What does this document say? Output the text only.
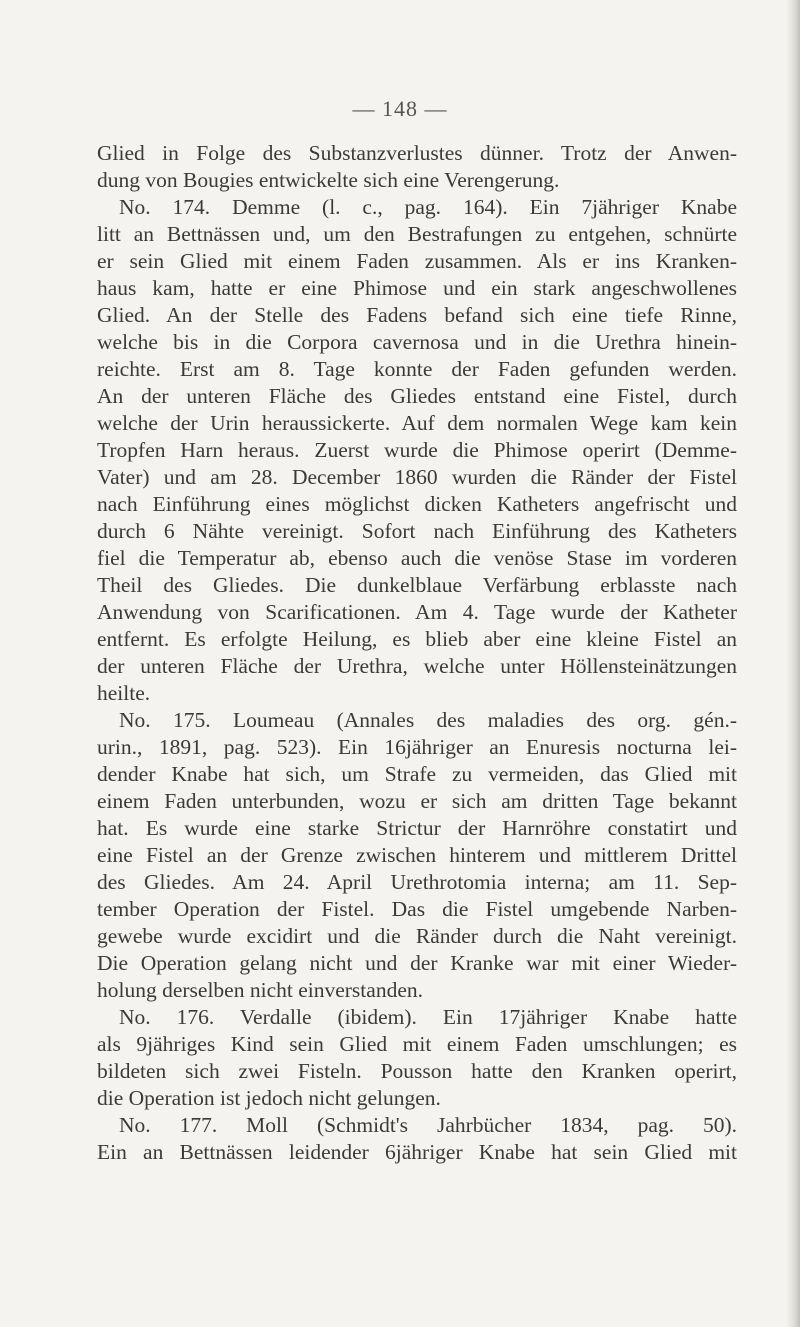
— 148 —
Glied in Folge des Substanzverlustes dünner. Trotz der Anwen-
dung von Bougies entwickelte sich eine Verengerung.
No. 174. Demme (l. c., pag. 164). Ein 7jähriger Knabe
litt an Bettnässen und, um den Bestrafungen zu entgehen, schnürte
er sein Glied mit einem Faden zusammen. Als er ins Kranken-
haus kam, hatte er eine Phimose und ein stark angeschwollenes
Glied. An der Stelle des Fadens befand sich eine tiefe Rinne,
welche bis in die Corpora cavernosa und in die Urethra hinein-
reichte. Erst am 8. Tage konnte der Faden gefunden werden.
An der unteren Fläche des Gliedes entstand eine Fistel, durch
welche der Urin heraussickerte. Auf dem normalen Wege kam kein
Tropfen Harn heraus. Zuerst wurde die Phimose operirt (Demme-
Vater) und am 28. December 1860 wurden die Ränder der Fistel
nach Einführung eines möglichst dicken Katheters angefrischt und
durch 6 Nähte vereinigt. Sofort nach Einführung des Katheters
fiel die Temperatur ab, ebenso auch die venöse Stase im vorderen
Theil des Gliedes. Die dunkelblaue Verfärbung erblasste nach
Anwendung von Scarificationen. Am 4. Tage wurde der Katheter
entfernt. Es erfolgte Heilung, es blieb aber eine kleine Fistel an
der unteren Fläche der Urethra, welche unter Höllensteinätzungen
heilte.
No. 175. Loumeau (Annales des maladies des org. gén.-
urin., 1891, pag. 523). Ein 16jähriger an Enuresis nocturna lei-
dender Knabe hat sich, um Strafe zu vermeiden, das Glied mit
einem Faden unterbunden, wozu er sich am dritten Tage bekannt
hat. Es wurde eine starke Strictur der Harnröhre constatirt und
eine Fistel an der Grenze zwischen hinterem und mittlerem Drittel
des Gliedes. Am 24. April Urethrotomia interna; am 11. Sep-
tember Operation der Fistel. Das die Fistel umgebende Narben-
gewebe wurde excidirt und die Ränder durch die Naht vereinigt.
Die Operation gelang nicht und der Kranke war mit einer Wieder-
holung derselben nicht einverstanden.
No. 176. Verdalle (ibidem). Ein 17jähriger Knabe hatte
als 9jähriges Kind sein Glied mit einem Faden umschlungen; es
bildeten sich zwei Fisteln. Pousson hatte den Kranken operirt,
die Operation ist jedoch nicht gelungen.
No. 177. Moll (Schmidt's Jahrbücher 1834, pag. 50).
Ein an Bettnässen leidender 6jähriger Knabe hat sein Glied mit
